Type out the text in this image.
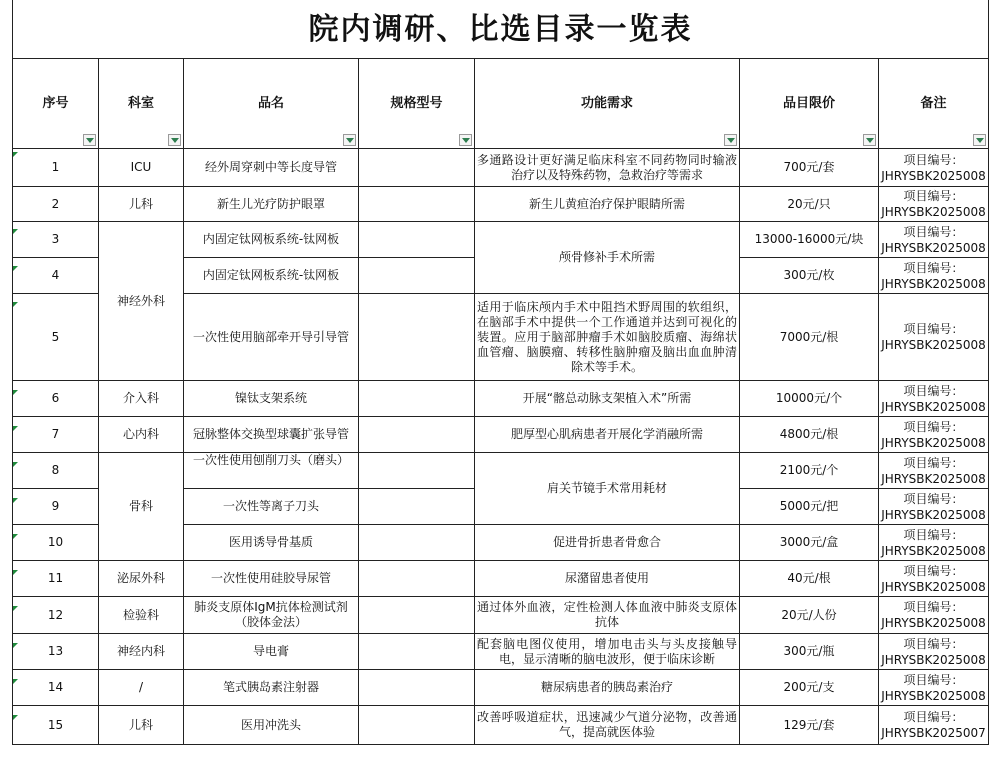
院内调研、比选目录一览表						
序号	科室	品名	规格型号	功能需求	品目限价	备注

1	ICU	经外周穿刺中等长度导管		多通路设计更好满足临床科室不同药物同时输液治疗以及特殊药物，急救治疗等需求	700元/套	项目编号：
JHRYSBK2025008

2	儿科	新生儿光疗防护眼罩		新生儿黄疸治疗保护眼睛所需	20元/只	项目编号：
JHRYSBK2025008

3	神经外科	内固定钛网板系统-钛网板		颅骨修补手术所需	13000-16000元/块	项目编号：
JHRYSBK2025008

4		内固定钛网板系统-钛网板			300元/枚	项目编号：
JHRYSBK2025008

5		一次性使用脑部牵开导引导管		适用于临床颅内手术中阻挡术野周围的软组织，在脑部手术中提供一个工作通道并达到可视化的装置。应用于脑部肿瘤手术如脑胶质瘤、海绵状血管瘤、脑膜瘤、转移性脑肿瘤及脑出血血肿清除术等手术。	7000元/根	项目编号：
JHRYSBK2025008

6	介入科	镍钛支架系统		开展“髂总动脉支架植入术”所需	10000元/个	项目编号：
JHRYSBK2025008

7	心内科	冠脉整体交换型球囊扩张导管		肥厚型心肌病患者开展化学消融所需	4800元/根	项目编号：
JHRYSBK2025008

8	骨科	一次性使用刨削刀头（磨头）		肩关节镜手术常用耗材	2100元/个	项目编号：
JHRYSBK2025008

9		一次性等离子刀头			5000元/把	项目编号：
JHRYSBK2025008

10		医用诱导骨基质		促进骨折患者骨愈合	3000元/盒	项目编号：
JHRYSBK2025008

11	泌尿外科	一次性使用硅胶导尿管		尿潴留患者使用	40元/根	项目编号：
JHRYSBK2025008

12	检验科	肺炎支原体IgM抗体检测试剂（胶体金法）		通过体外血液，定性检测人体血液中肺炎支原体抗体	20元/人份	项目编号：
JHRYSBK2025008

13	神经内科	导电膏		配套脑电图仪使用，增加电击头与头皮接触导电，显示清晰的脑电波形，便于临床诊断	300元/瓶	项目编号：
JHRYSBK2025008

14	/	笔式胰岛素注射器		糖尿病患者的胰岛素治疗	200元/支	项目编号：
JHRYSBK2025008

15	儿科	医用冲洗头		改善呼吸道症状，迅速减少气道分泌物，改善通气，提高就医体验	129元/套	项目编号：
JHRYSBK2025007
